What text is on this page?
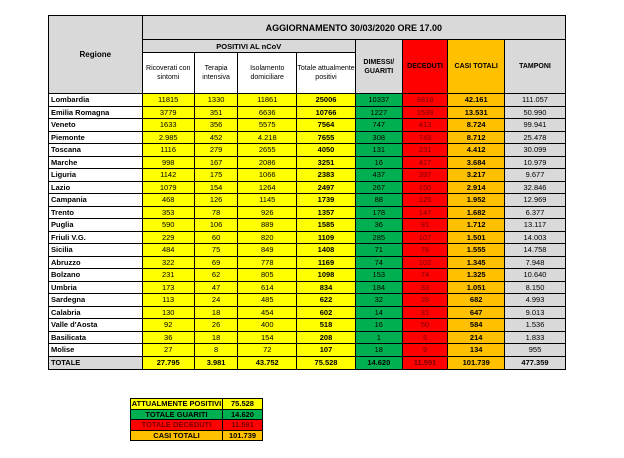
Regione	AGGIORNAMENTO 30/03/2020 ORE 17.00							
	POSITIVI AL nCoV				DIMESSI/ GUARITI	DECEDUTI	CASI TOTALI	TAMPONI
	Ricoverati con sintomi	Terapia intensiva	Isolamento domiciliare	Totale attualmente positivi				
Lombardia	11815	1330	11861	25006	10337	6818	42.161	111.057
Emilia Romagna	3779	351	6636	10766	1227	1538	13.531	50.990
Veneto	1633	356	5575	7564	747	413	8.724	99.941
Piemonte	2.985	452	4.218	7655	308	749	8.712	25.478
Toscana	1116	279	2655	4050	131	231	4.412	30.099
Marche	998	167	2086	3251	16	417	3.684	10.979
Liguria	1142	175	1066	2383	437	397	3.217	9.677
Lazio	1079	154	1264	2497	267	150	2.914	32.846
Campania	468	126	1145	1739	88	125	1.952	12.969
Trento	353	78	926	1357	178	147	1.682	6.377
Puglia	590	106	889	1585	36	91	1.712	13.117
Friuli V.G.	229	60	820	1109	285	107	1.501	14.003
Sicilia	484	75	849	1408	71	76	1.555	14.758
Abruzzo	322	69	778	1169	74	102	1.345	7.948
Bolzano	231	62	805	1098	153	74	1.325	10.640
Umbria	173	47	614	834	184	33	1.051	8.150
Sardegna	113	24	485	622	32	28	682	4.993
Calabria	130	18	454	602	14	31	647	9.013
Valle d'Aosta	92	26	400	518	16	50	584	1.536
Basilicata	36	18	154	208	1	5	214	1.833
Molise	27	8	72	107	18	9	134	955
TOTALE	27.795	3.981	43.752	75.528	14.620	11.591	101.739	477.359
ATTUALMENTE POSITIVI	75.528
TOTALE GUARITI	14.620
TOTALE DECEDUTI	11.591
CASI TOTALI	101.739
